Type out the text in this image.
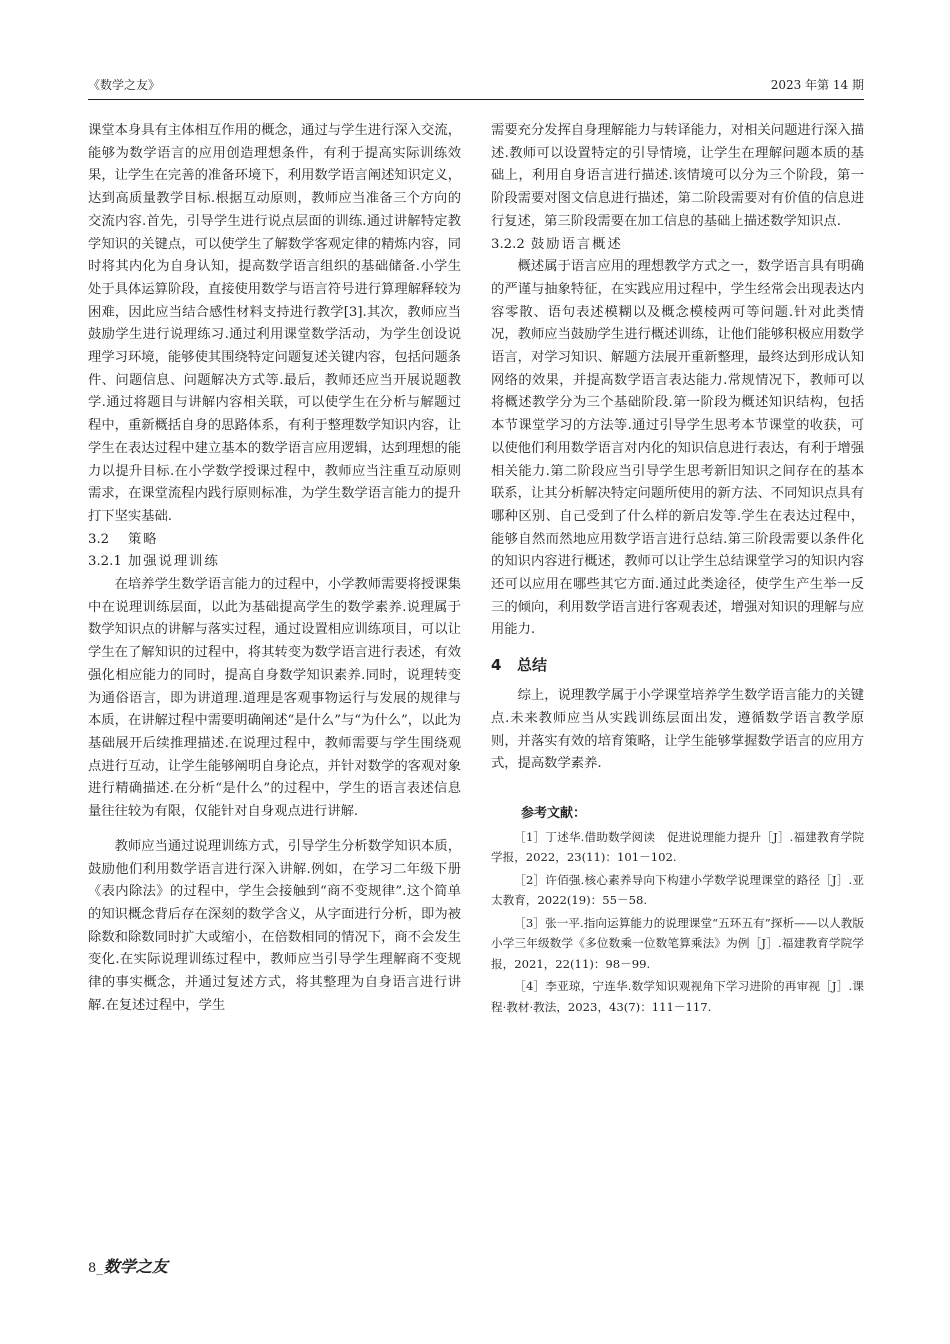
《数学之友》	2023 年第 14 期

课堂本身具有主体相互作用的概念，通过与学生进行深入交流，能够为数学语言的应用创造理想条件，有利于提高实际训练效果，让学生在完善的准备环境下，利用数学语言阐述知识定义，达到高质量教学目标.根据互动原则，教师应当准备三个方向的交流内容.首先，引导学生进行说点层面的训练.通过讲解特定教学知识的关键点，可以使学生了解数学客观定律的精炼内容，同时将其内化为自身认知，提高数学语言组织的基础储备.小学生处于具体运算阶段，直接使用数学与语言符号进行算理解释较为困难，因此应当结合感性材料支持进行教学[3].其次，教师应当鼓励学生进行说理练习.通过利用课堂数学活动，为学生创设说理学习环境，能够使其围绕特定问题复述关键内容，包括问题条件、问题信息、问题解决方式等.最后，教师还应当开展说题教学.通过将题目与讲解内容相关联，可以使学生在分析与解题过程中，重新概括自身的思路体系，有利于整理数学知识内容，让学生在表达过程中建立基本的数学语言应用逻辑，达到理想的能力以提升目标.在小学数学授课过程中，教师应当注重互动原则需求，在课堂流程内践行原则标准，为学生数学语言能力的提升打下坚实基础.

3.2 策略

3.2.1 加强说理训练

在培养学生数学语言能力的过程中，小学教师需要将授课集中在说理训练层面，以此为基础提高学生的数学素养.说理属于数学知识点的讲解与落实过程，通过设置相应训练项目，可以让学生在了解知识的过程中，将其转变为数学语言进行表述，有效强化相应能力的同时，提高自身数学知识素养.同时，说理转变为通俗语言，即为讲道理.道理是客观事物运行与发展的规律与本质，在讲解过程中需要明确阐述“是什么”与“为什么”，以此为基础展开后续推理描述.在说理过程中，教师需要与学生围绕观点进行互动，让学生能够阐明自身论点，并针对数学的客观对象进行精确描述.在分析“是什么”的过程中，学生的语言表述信息量往往较为有限，仅能针对自身观点进行讲解.

教师应当通过说理训练方式，引导学生分析数学知识本质，鼓励他们利用数学语言进行深入讲解.例如，在学习二年级下册《表内除法》的过程中，学生会接触到“商不变规律”.这个简单的知识概念背后存在深刻的数学含义，从字面进行分析，即为被除数和除数同时扩大或缩小，在倍数相同的情况下，商不会发生变化.在实际说理训练过程中，教师应当引导学生理解商不变规律的事实概念，并通过复述方式，将其整理为自身语言进行讲解.在复述过程中，学生

需要充分发挥自身理解能力与转译能力，对相关问题进行深入描述.教师可以设置特定的引导情境，让学生在理解问题本质的基础上，利用自身语言进行描述.该情境可以分为三个阶段，第一阶段需要对图文信息进行描述，第二阶段需要对有价值的信息进行复述，第三阶段需要在加工信息的基础上描述数学知识点.

3.2.2 鼓励语言概述

概述属于语言应用的理想教学方式之一，数学语言具有明确的严谨与抽象特征，在实践应用过程中，学生经常会出现表达内容零散、语句表述模糊以及概念模棱两可等问题.针对此类情况，教师应当鼓励学生进行概述训练，让他们能够积极应用数学语言，对学习知识、解题方法展开重新整理，最终达到形成认知网络的效果，并提高数学语言表达能力.常规情况下，教师可以将概述教学分为三个基础阶段.第一阶段为概述知识结构，包括本节课堂学习的方法等.通过引导学生思考本节课堂的收获，可以使他们利用数学语言对内化的知识信息进行表达，有利于增强相关能力.第二阶段应当引导学生思考新旧知识之间存在的基本联系，让其分析解决特定问题所使用的新方法、不同知识点具有哪种区别、自己受到了什么样的新启发等.学生在表达过程中，能够自然而然地应用数学语言进行总结.第三阶段需要以条件化的知识内容进行概述，教师可以让学生总结课堂学习的知识内容还可以应用在哪些其它方面.通过此类途径，使学生产生举一反三的倾向，利用数学语言进行客观表述，增强对知识的理解与应用能力.

4 总结

综上，说理教学属于小学课堂培养学生数学语言能力的关键点.未来教师应当从实践训练层面出发，遵循数学语言教学原则，并落实有效的培育策略，让学生能够掌握数学语言的应用方式，提高数学素养.

参考文献：

［1］丁述华.借助数学阅读　促进说理能力提升［J］.福建教育学院学报，2022，23(11)：101－102.

［2］许佰强.核心素养导向下构建小学数学说理课堂的路径［J］.亚太教育，2022(19)：55－58.

［3］张一平.指向运算能力的说理课堂“五环五有”探析——以人教版小学三年级数学《多位数乘一位数笔算乘法》为例［J］.福建教育学院学报，2021，22(11)：98－99.

［4］李亚琼，宁连华.数学知识观视角下学习进阶的再审视［J］.课程·教材·教法，2023，43(7)：111－117.

8_数学之友
